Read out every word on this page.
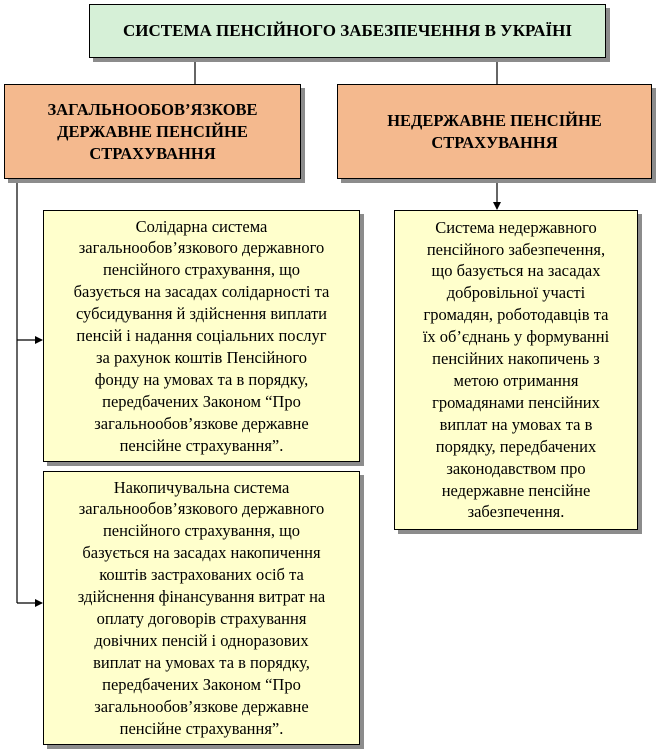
СИСТЕМА ПЕНСІЙНОГО ЗАБЕЗПЕЧЕННЯ В УКРАЇНІ
ЗАГАЛЬНООБОВ’ЯЗКОВЕ
ДЕРЖАВНЕ ПЕНСІЙНЕ
СТРАХУВАННЯ
НЕДЕРЖАВНЕ ПЕНСІЙНЕ
СТРАХУВАННЯ
Солідарна система
загальнообов’язкового державного
пенсійного страхування, що
базується на засадах солідарності та
субсидування й здійснення виплати
пенсій і надання соціальних послуг
за рахунок коштів Пенсійного
фонду на умовах та в порядку,
передбачених Законом “Про
загальнообов’язкове державне
пенсійне страхування”.
Накопичувальна система
загальнообов’язкового державного
пенсійного страхування, що
базується на засадах накопичення
коштів застрахованих осіб та
здійснення фінансування витрат на
оплату договорів страхування
довічних пенсій і одноразових
виплат на умовах та в порядку,
передбачених Законом “Про
загальнообов’язкове державне
пенсійне страхування”.
Система недержавного
пенсійного забезпечення,
що базується на засадах
добровільної участі
громадян, роботодавців та
їх об’єднань у формуванні
пенсійних накопичень з
метою отримання
громадянами пенсійних
виплат на умовах та в
порядку, передбачених
законодавством про
недержавне пенсійне
забезпечення.
